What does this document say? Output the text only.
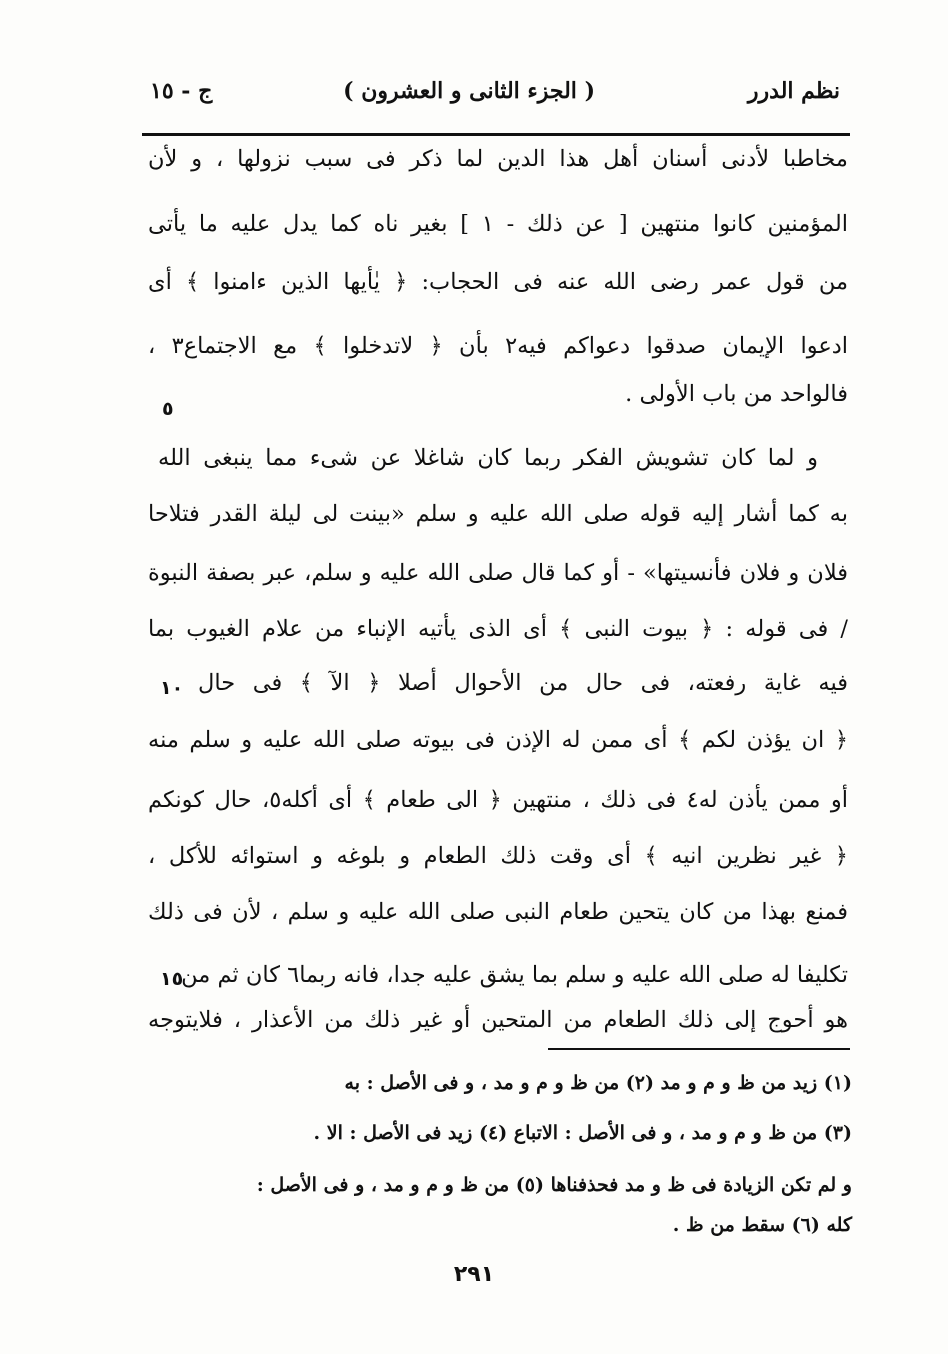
نظم الدرر
( الجزء الثانى و العشرون )
ج - ١٥
مخاطبا لأدنى أسنان أهل هذا الدين لما ذكر فى سبب نزولها ، و لأن
المؤمنين كانوا منتهين [ عن ذلك - ١ ] بغير ناه كما يدل عليه ما يأتى
من قول عمر رضى الله عنه فى الحجاب: ﴿ يٰأيها الذين ءامنوا ﴾ أى
ادعوا الإيمان صدقوا دعواكم فيه٢ بأن ﴿ لاتدخلوا ﴾ مع الاجتماع٣ ،
فالواحد من باب الأولى .
و لما كان تشويش الفكر ربما كان شاغلا عن شىء مما ينبغى الله
به كما أشار إليه قوله صلى الله عليه و سلم «بينت لى ليلة القدر فتلاحا
فلان و فلان فأنسيتها» - أو كما قال صلى الله عليه و سلم، عبر بصفة النبوة
/ فى قوله : ﴿ بيوت النبى ﴾ أى الذى يأتيه الإنباء من علام الغيوب بما
فيه غاية رفعته، فى حال من الأحوال أصلا ﴿ الآ ﴾ فى حال
﴿ ان يؤذن لكم ﴾ أى ممن له الإذن فى بيوته صلى الله عليه و سلم منه
أو ممن يأذن له٤ فى ذلك ، منتهين ﴿ الى طعام ﴾ أى أكله٥، حال كونكم
﴿ غير نظرين انيه ﴾ أى وقت ذلك الطعام و بلوغه و استوائه للأكل ،
فمنع بهذا من كان يتحين طعام النبى صلى الله عليه و سلم ، لأن فى ذلك
تكليفا له صلى الله عليه و سلم بما يشق عليه جدا، فانه ربما٦ كان ثم من
هو أحوج إلى ذلك الطعام من المتحين أو غير ذلك من الأعذار ، فلايتوجه
٥
١٠
١٥
(١) زيد من ظ و م و مد (٢) من ظ و م و مد ، و فى الأصل : به
(٣) من ظ و م و مد ، و فى الأصل : الاتباع (٤) زيد فى الأصل : الا .
و لم تكن الزيادة فى ظ و مد فحذفناها (٥) من ظ و م و مد ، و فى الأصل :
كله (٦) سقط من ظ .
٢٩١
